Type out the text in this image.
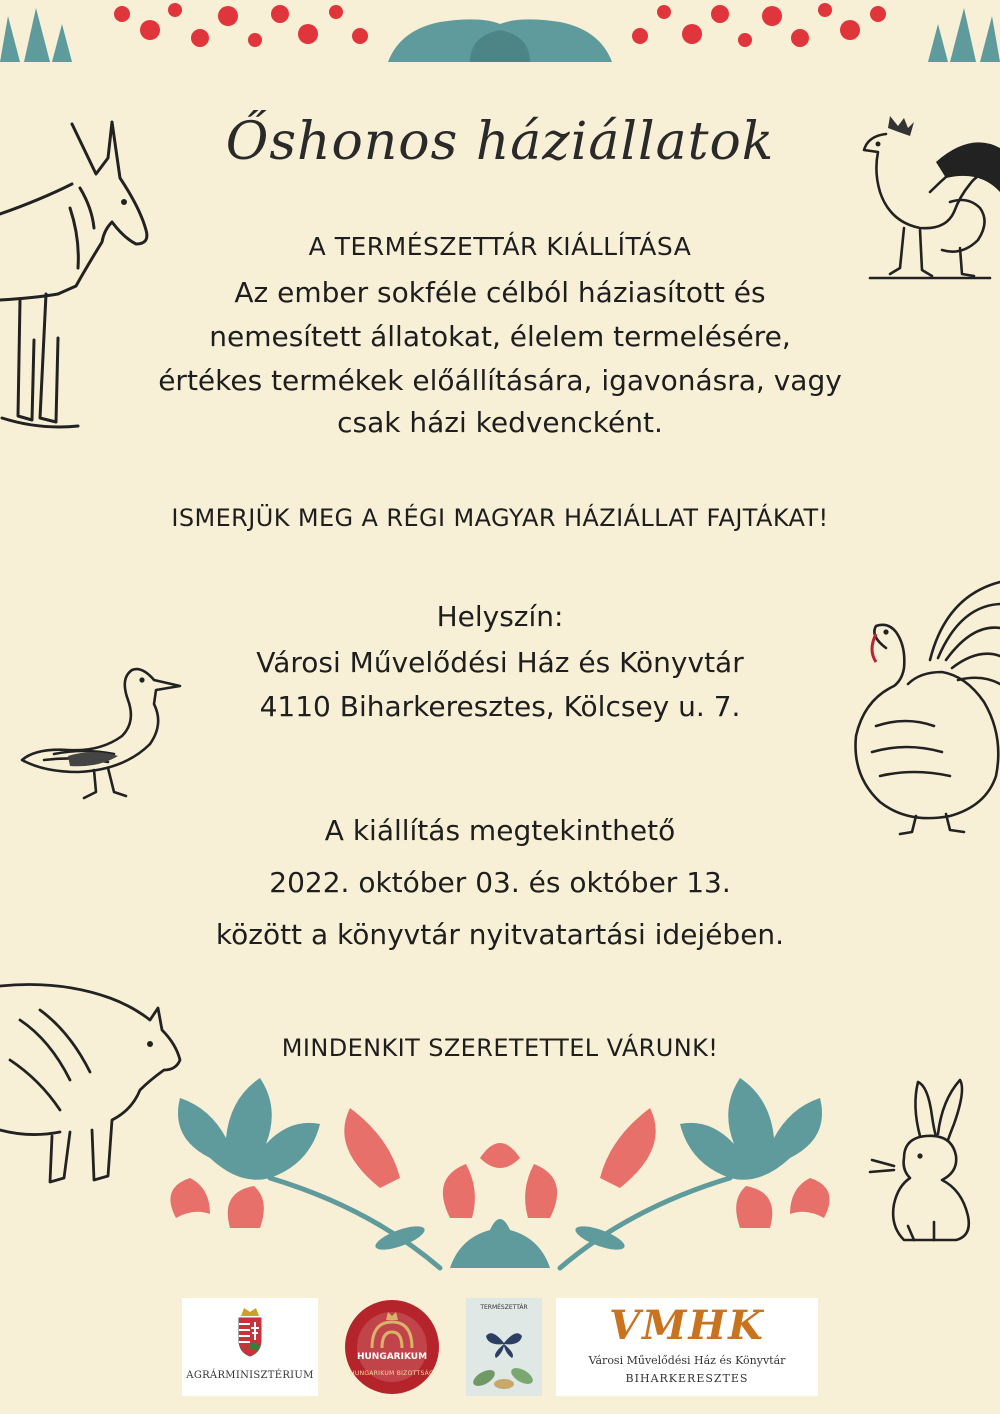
Őshonos háziállatok
A TERMÉSZETTÁR KIÁLLÍTÁSA
Az ember sokféle célból háziasított és
nemesített állatokat, élelem termelésére,
értékes termékek előállítására, igavonásra, vagy
csak házi kedvencként.
ISMERJÜK MEG A RÉGI MAGYAR HÁZIÁLLAT FAJTÁKAT!
Helyszín:
Városi Művelődési Ház és Könyvtár
4110 Biharkeresztes, Kölcsey u. 7.
A kiállítás megtekinthető
2022. október 03. és október 13.
között a könyvtár nyitvatartási idejében.
MINDENKIT SZERETETTEL VÁRUNK!
AGRÁRMINISZTÉRIUM
HUNGARIKUM
HUNGARIKUM BIZOTTSÁG
TERMÉSZETTÁR	VMHK
Városi Művelődési Ház és Könyvtár
BIHARKERESZTES
